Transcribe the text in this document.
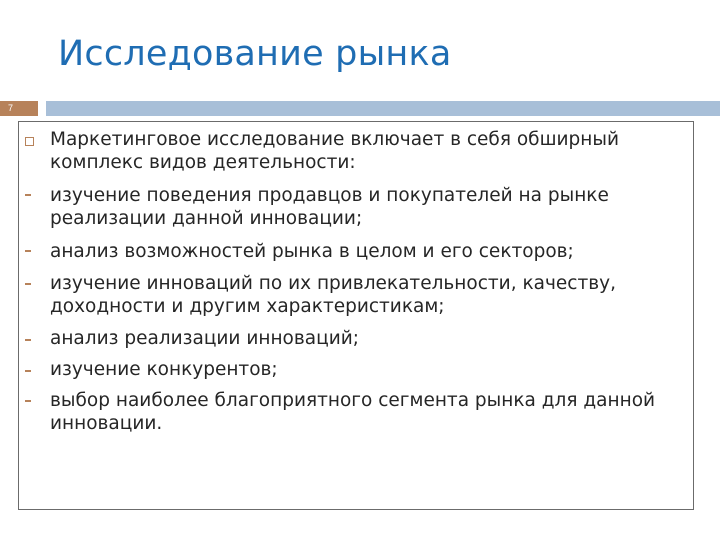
Исследование рынка
7
Маркетинговое исследование включает в себя обширный комплекс видов деятельности:
изучение поведения продавцов и покупателей на рынке реализации данной инновации;
анализ возможностей рынка в целом и его секторов;
изучение инноваций по их привлекательности, качеству, доходности и другим характеристикам;
анализ реализации инноваций;
изучение конкурентов;
выбор наиболее благоприятного сегмента рынка для данной инновации.
